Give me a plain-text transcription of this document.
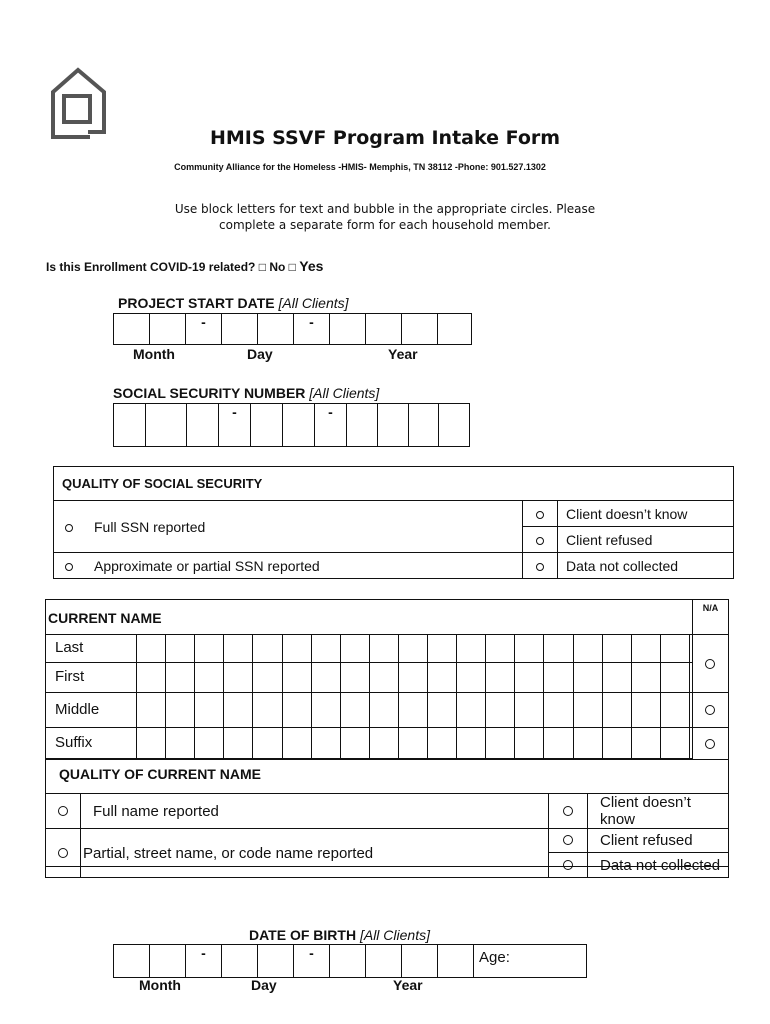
HMIS SSVF Program Intake Form
Community Alliance for the Homeless -HMIS- Memphis, TN 38112 -Phone: 901.527.1302
Use block letters for text and bubble in the appropriate circles. Please
complete a separate form for each household member.
Is this Enrollment COVID-19 related? □ No □ Yes
PROJECT START DATE [All Clients]
-	-
Month	Day	Year
SOCIAL SECURITY NUMBER [All Clients]
-	-
QUALITY OF SOCIAL SECURITY			
	Full SSN reported		Client doesn’t know
			Client refused
	Approximate or partial SSN reported		Data not collected
CURRENT NAME
N/A
Last
First
Middle
Suffix
QUALITY OF CURRENT NAME
	Full name reported		Client doesn’t know
	Partial, street name, or code name reported		Client refused
			Data not collected
DATE OF BIRTH [All Clients]
-	-	Age:
Month	Day	Year
